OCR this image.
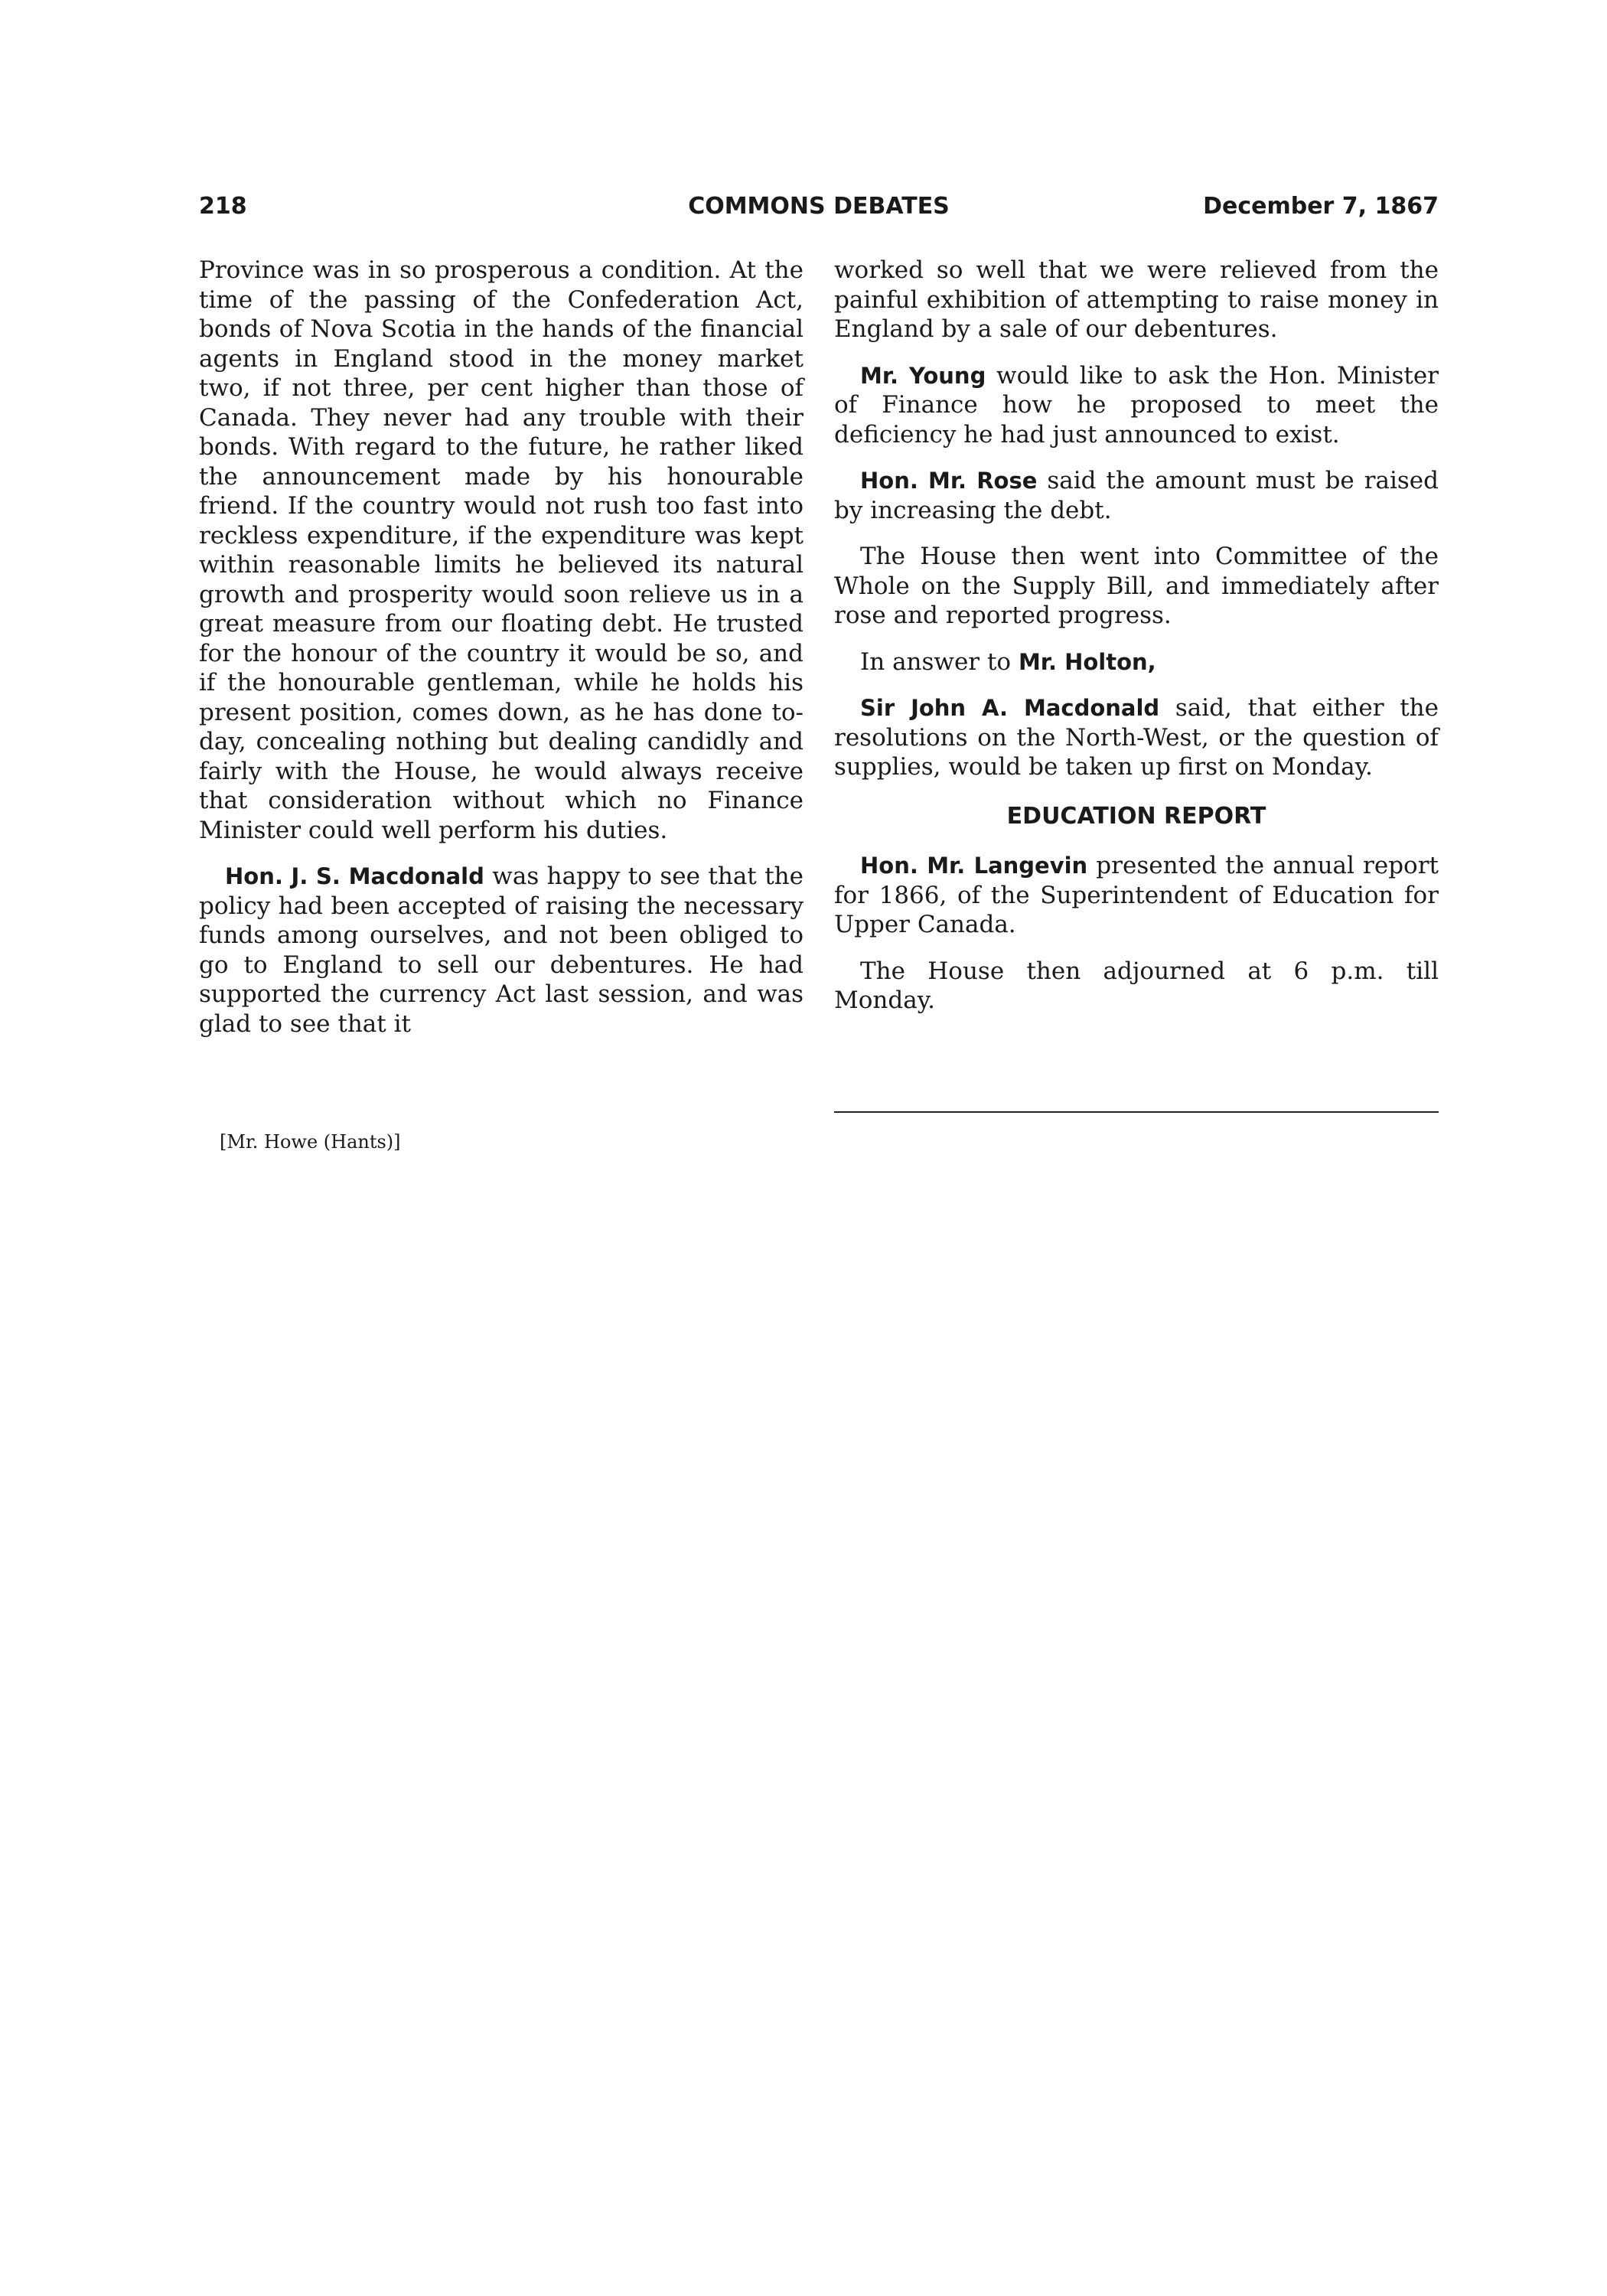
218	COMMONS DEBATES	December 7, 1867

Province was in so prosperous a condition. At the time of the passing of the Confederation Act, bonds of Nova Scotia in the hands of the financial agents in England stood in the money market two, if not three, per cent higher than those of Canada. They never had any trouble with their bonds. With regard to the future, he rather liked the announcement made by his honourable friend. If the country would not rush too fast into reckless expenditure, if the expenditure was kept within reasonable limits he believed its natural growth and prosperity would soon relieve us in a great measure from our floating debt. He trusted for the honour of the country it would be so, and if the honourable gentleman, while he holds his present position, comes down, as he has done to-day, concealing nothing but dealing candidly and fairly with the House, he would always receive that consideration without which no Finance Minister could well perform his duties.

Hon. J. S. Macdonald was happy to see that the policy had been accepted of raising the necessary funds among ourselves, and not been obliged to go to England to sell our debentures. He had supported the currency Act last session, and was glad to see that it

worked so well that we were relieved from the painful exhibition of attempting to raise money in England by a sale of our debentures.

Mr. Young would like to ask the Hon. Minister of Finance how he proposed to meet the deficiency he had just announced to exist.

Hon. Mr. Rose said the amount must be raised by increasing the debt.

The House then went into Committee of the Whole on the Supply Bill, and immediately after rose and reported progress.

In answer to Mr. Holton,

Sir John A. Macdonald said, that either the resolutions on the North-West, or the question of supplies, would be taken up first on Monday.

EDUCATION REPORT

Hon. Mr. Langevin presented the annual report for 1866, of the Superintendent of Education for Upper Canada.

The House then adjourned at 6 p.m. till Monday.

[Mr. Howe (Hants)]
